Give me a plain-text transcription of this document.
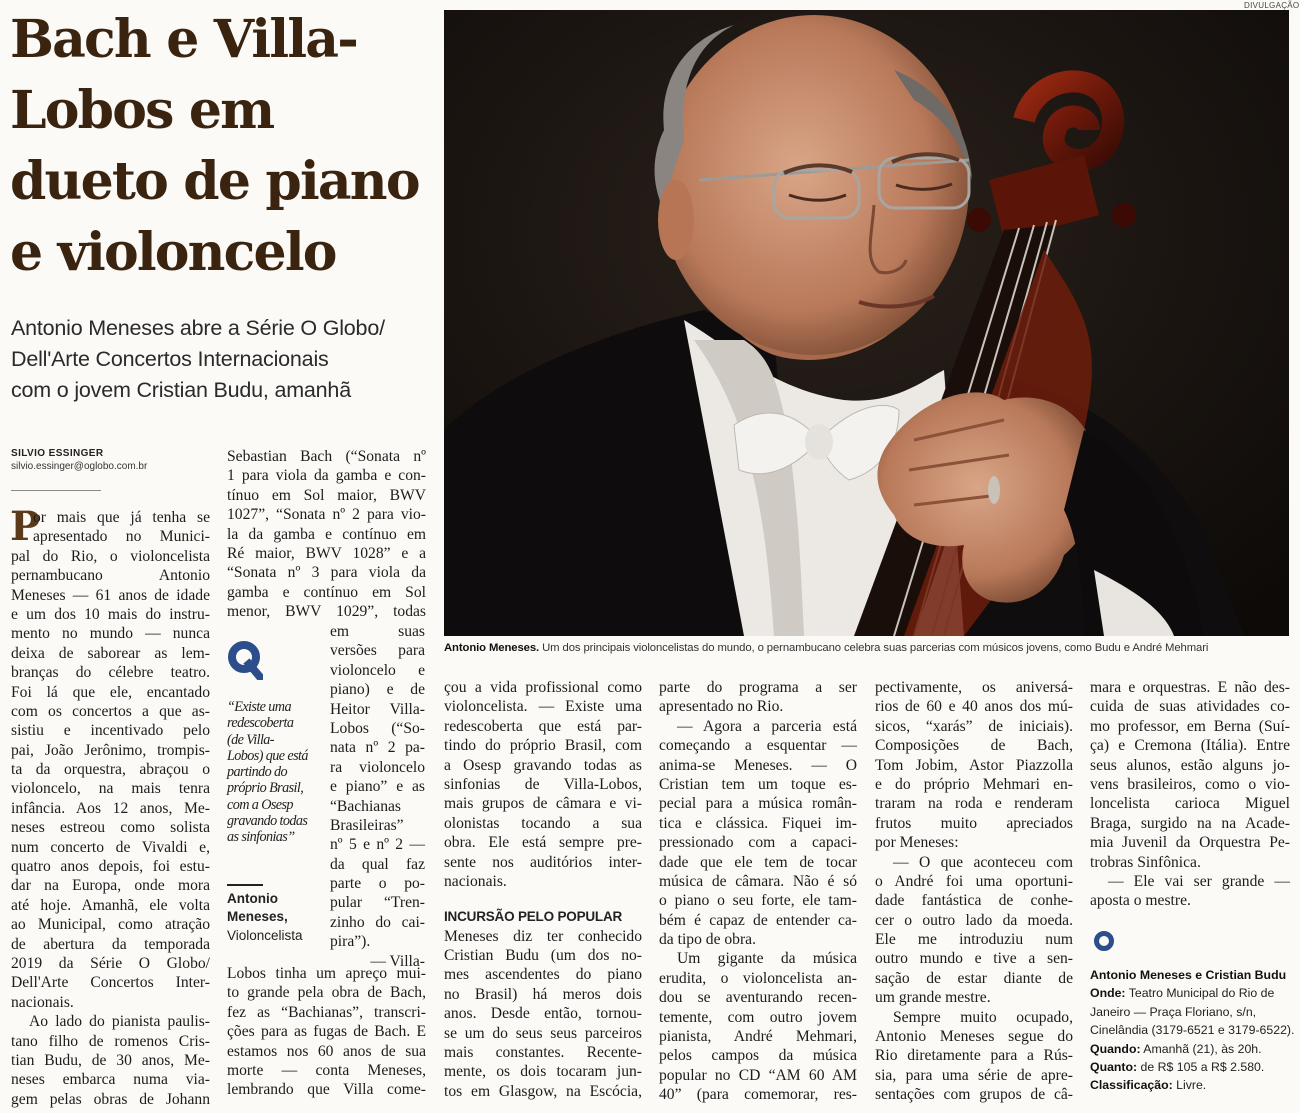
Bach e Villa-
Lobos em
dueto de piano
e violoncelo
Antonio Meneses abre a Série O Globo/
Dell'Arte Concertos Internacionais
com o jovem Cristian Budu, amanhã
SILVIO ESSINGER
silvio.essinger@oglobo.com.br
P
or mais que já tenha se
apresentado no Munici-
pal do Rio, o violoncelista
pernambucano Antonio
Meneses — 61 anos de idade
e um dos 10 mais do instru-
mento no mundo — nunca
deixa de saborear as lem-
branças do célebre teatro.
Foi lá que ele, encantado
com os concertos a que as-
sistiu e incentivado pelo
pai, João Jerônimo, trompis-
ta da orquestra, abraçou o
violoncelo, na mais tenra
infância. Aos 12 anos, Me-
neses estreou como solista
num concerto de Vivaldi e,
quatro anos depois, foi estu-
dar na Europa, onde mora
até hoje. Amanhã, ele volta
ao Municipal, como atração
de abertura da temporada
2019 da Série O Globo/
Dell'Arte Concertos Inter-
nacionais.
Ao lado do pianista paulis-
tano filho de romenos Cris-
tian Budu, de 30 anos, Me-
neses embarca numa via-
gem pelas obras de Johann
Sebastian Bach (“Sonata nº
1 para viola da gamba e con-
tínuo em Sol maior, BWV
1027”, “Sonata nº 2 para vio-
la da gamba e contínuo em
Ré maior, BWV 1028” e a
“Sonata nº 3 para viola da
gamba e contínuo em Sol
menor, BWV 1029”, todas
em suas
versões para
violoncelo e
piano) e de
Heitor Villa-
Lobos (“So-
nata nº 2 pa-
ra violoncelo
e piano” e as
“Bachianas
Brasileiras”
nº 5 e nº 2 —
da qual faz
parte o po-
pular “Tren-
zinho do cai-
pira”).
— Villa-
Lobos tinha um apreço mui-
to grande pela obra de Bach,
fez as “Bachianas”, transcri-
ções para as fugas de Bach. E
estamos nos 60 anos de sua
morte — conta Meneses,
lembrando que Villa come-
“Existe uma
redescoberta
(de Villa-
Lobos) que está
partindo do
próprio Brasil,
com a Osesp
gravando todas
as sinfonias”
Antonio
Meneses,
Violoncelista
DIVULGAÇÃO
Antonio Meneses. Um dos principais violoncelistas do mundo, o pernambucano celebra suas parcerias com músicos jovens, como Budu e André Mehmari
çou a vida profissional como
violoncelista. — Existe uma
redescoberta que está par-
tindo do próprio Brasil, com
a Osesp gravando todas as
sinfonias de Villa-Lobos,
mais grupos de câmara e vi-
olonistas tocando a sua
obra. Ele está sempre pre-
sente nos auditórios inter-
nacionais.
INCURSÃO PELO POPULAR
Meneses diz ter conhecido
Cristian Budu (um dos no-
mes ascendentes do piano
no Brasil) há meros dois
anos. Desde então, tornou-
se um do seus seus parceiros
mais constantes. Recente-
mente, os dois tocaram jun-
tos em Glasgow, na Escócia,
parte do programa a ser
apresentado no Rio.
— Agora a parceria está
começando a esquentar —
anima-se Meneses. — O
Cristian tem um toque es-
pecial para a música român-
tica e clássica. Fiquei im-
pressionado com a capaci-
dade que ele tem de tocar
música de câmara. Não é só
o piano o seu forte, ele tam-
bém é capaz de entender ca-
da tipo de obra.
Um gigante da música
erudita, o violoncelista an-
dou se aventurando recen-
temente, com outro jovem
pianista, André Mehmari,
pelos campos da música
popular no CD “AM 60 AM
40” (para comemorar, res-
pectivamente, os aniversá-
rios de 60 e 40 anos dos mú-
sicos, “xarás” de iniciais).
Composições de Bach,
Tom Jobim, Astor Piazzolla
e do próprio Mehmari en-
traram na roda e renderam
frutos muito apreciados
por Meneses:
— O que aconteceu com
o André foi uma oportuni-
dade fantástica de conhe-
cer o outro lado da moeda.
Ele me introduziu num
outro mundo e tive a sen-
sação de estar diante de
um grande mestre.
Sempre muito ocupado,
Antonio Meneses segue do
Rio diretamente para a Rús-
sia, para uma série de apre-
sentações com grupos de câ-
mara e orquestras. E não des-
cuida de suas atividades co-
mo professor, em Berna (Suí-
ça) e Cremona (Itália). Entre
seus alunos, estão alguns jo-
vens brasileiros, como o vio-
loncelista carioca Miguel
Braga, surgido na na Acade-
mia Juvenil da Orquestra Pe-
trobras Sinfônica.
— Ele vai ser grande —
aposta o mestre.
Antonio Meneses e Cristian Budu
Onde: Teatro Municipal do Rio de
Janeiro — Praça Floriano, s/n,
Cinelândia (3179-6521 e 3179-6522).
Quando: Amanhã (21), às 20h.
Quanto: de R$ 105 a R$ 2.580.
Classificação: Livre.
